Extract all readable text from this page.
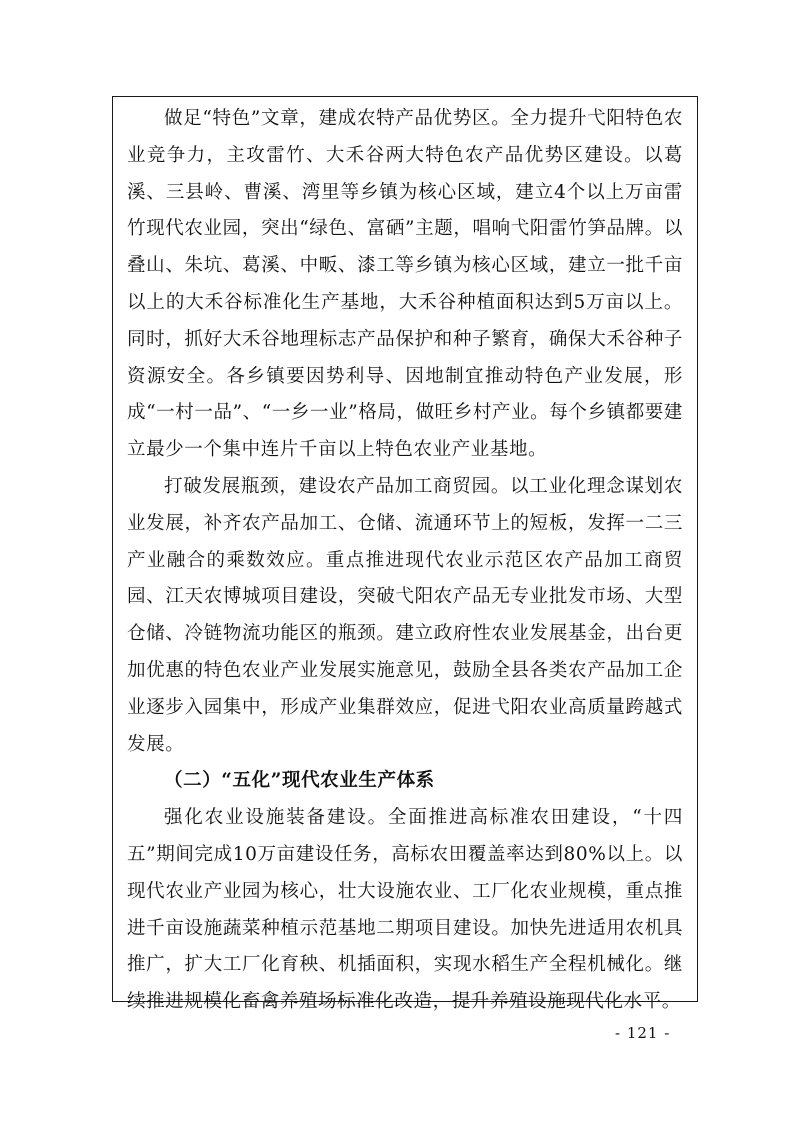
做足“特色”文章，建成农特产品优势区。全力提升弋阳特色农业竞争力，主攻雷竹、大禾谷两大特色农产品优势区建设。以葛溪、三县岭、曹溪、湾里等乡镇为核心区域，建立4个以上万亩雷竹现代农业园，突出“绿色、富硒”主题，唱响弋阳雷竹笋品牌。以叠山、朱坑、葛溪、中畈、漆工等乡镇为核心区域，建立一批千亩以上的大禾谷标准化生产基地，大禾谷种植面积达到5万亩以上。同时，抓好大禾谷地理标志产品保护和种子繁育，确保大禾谷种子资源安全。各乡镇要因势利导、因地制宜推动特色产业发展，形成“一村一品”、“一乡一业”格局，做旺乡村产业。每个乡镇都要建立最少一个集中连片千亩以上特色农业产业基地。

打破发展瓶颈，建设农产品加工商贸园。以工业化理念谋划农业发展，补齐农产品加工、仓储、流通环节上的短板，发挥一二三产业融合的乘数效应。重点推进现代农业示范区农产品加工商贸园、江天农博城项目建设，突破弋阳农产品无专业批发市场、大型仓储、冷链物流功能区的瓶颈。建立政府性农业发展基金，出台更加优惠的特色农业产业发展实施意见，鼓励全县各类农产品加工企业逐步入园集中，形成产业集群效应，促进弋阳农业高质量跨越式发展。

（二）“五化”现代农业生产体系

强化农业设施装备建设。全面推进高标准农田建设，“十四五”期间完成10万亩建设任务，高标农田覆盖率达到80%以上。以现代农业产业园为核心，壮大设施农业、工厂化农业规模，重点推进千亩设施蔬菜种植示范基地二期项目建设。加快先进适用农机具推广，扩大工厂化育秧、机插面积，实现水稻生产全程机械化。继续推进规模化畜禽养殖场标准化改造，提升养殖设施现代化水平。

- 121 -
